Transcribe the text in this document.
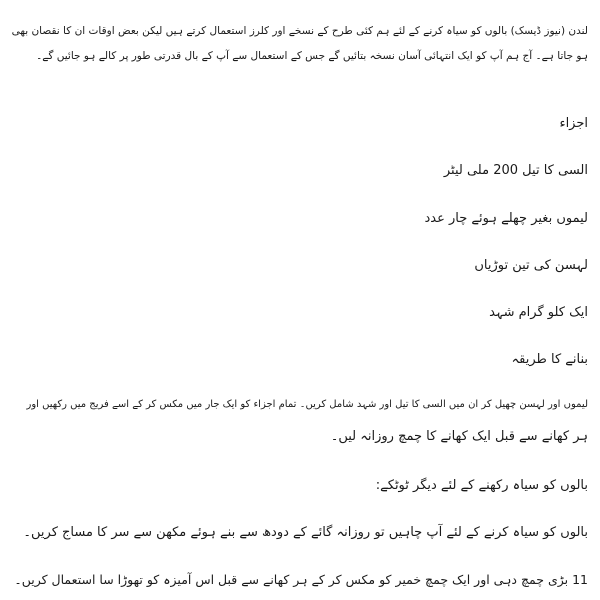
لندن (نیوز ڈیسک) بالوں کو سیاہ کرنے کے لئے ہم کئی طرح کے نسخے اور کلرز استعمال کرتے ہیں لیکن بعض اوقات ان کا نقصان بھی
ہو جاتا ہے۔ آج ہم آپ کو ایک انتہائی آسان نسخہ بتائیں گے جس کے استعمال سے آپ کے بال قدرتی طور پر کالے ہو جائیں گے۔
اجزاء
السی کا تیل 200 ملی لیٹر
لیموں بغیر چھلے ہوئے چار عدد
لہسن کی تین توڑیاں
ایک کلو گرام شہد
بنانے کا طریقہ
لیموں اور لہسن چھیل کر ان میں السی کا تیل اور شہد شامل کریں۔ تمام اجزاء کو ایک جار میں مکس کر کے اسے فریج میں رکھیں اور
ہر کھانے سے قبل ایک کھانے کا چمچ روزانہ لیں۔
بالوں کو سیاہ رکھنے کے لئے دیگر ٹوٹکے:
بالوں کو سیاہ کرنے کے لئے آپ چاہیں تو روزانہ گائے کے دودھ سے بنے ہوئے مکھن سے سر کا مساج کریں۔
11 بڑی چمچ دہی اور ایک چمچ خمیر کو مکس کر کے ہر کھانے سے قبل اس آمیزہ کو تھوڑا سا استعمال کریں۔
